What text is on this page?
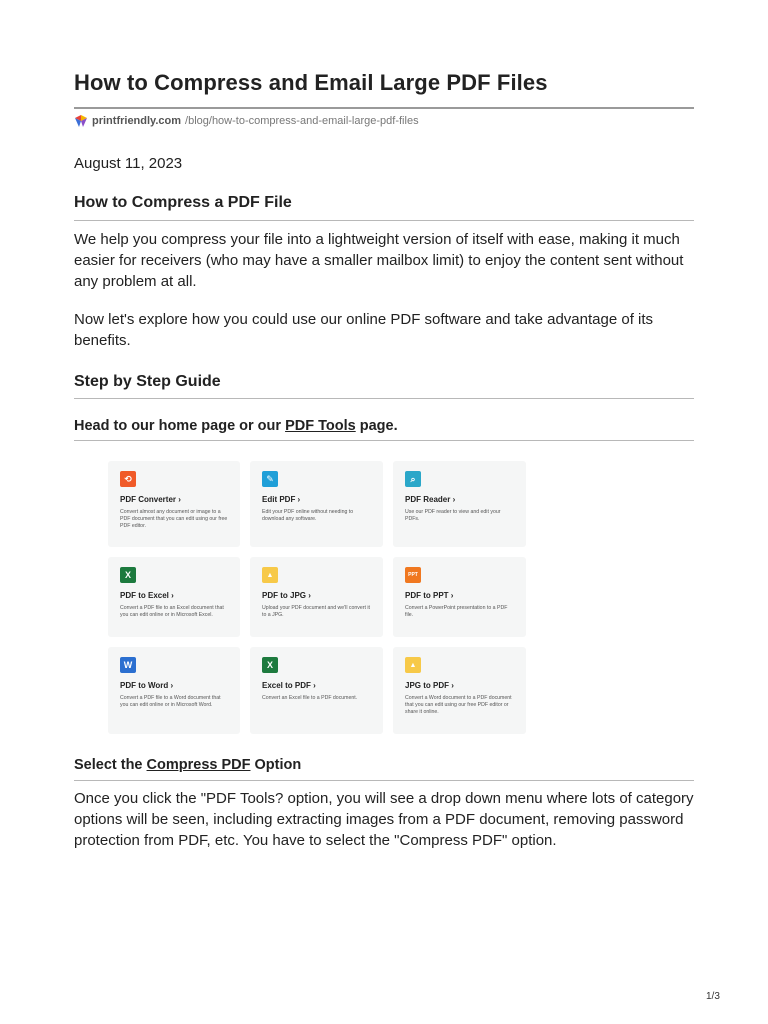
How to Compress and Email Large PDF Files
printfriendly.com /blog/how-to-compress-and-email-large-pdf-files
August 11, 2023
How to Compress a PDF File

We help you compress your file into a lightweight version of itself with ease, making it much easier for receivers (who may have a smaller mailbox limit) to enjoy the content sent without any problem at all.

Now let's explore how you could use our online PDF software and take advantage of its benefits.

Step by Step Guide
Head to our home page or our PDF Tools page.
Select the Compress PDF Option

Once you click the "PDF Tools? option, you will see a drop down menu where lots of category options will be seen, including extracting images from a PDF document, removing password protection from PDF, etc. You have to select the "Compress PDF" option.

⟲
PDF Converter ›
Convert almost any document or image to a PDF document that you can edit using our free PDF editor.
✎
Edit PDF ›
Edit your PDF online without needing to download any software.
⌕
PDF Reader ›
Use our PDF reader to view and edit your PDFs.
X
PDF to Excel ›
Convert a PDF file to an Excel document that you can edit online or in Microsoft Excel.
▲
PDF to JPG ›
Upload your PDF document and we'll convert it to a JPG.
PPT
PDF to PPT ›
Convert a PowerPoint presentation to a PDF file.
W
PDF to Word ›
Convert a PDF file to a Word document that you can edit online or in Microsoft Word.
X
Excel to PDF ›
Convert an Excel file to a PDF document.
▲
JPG to PDF ›
Convert a Word document to a PDF document that you can edit using our free PDF editor or share it online.
1/3
